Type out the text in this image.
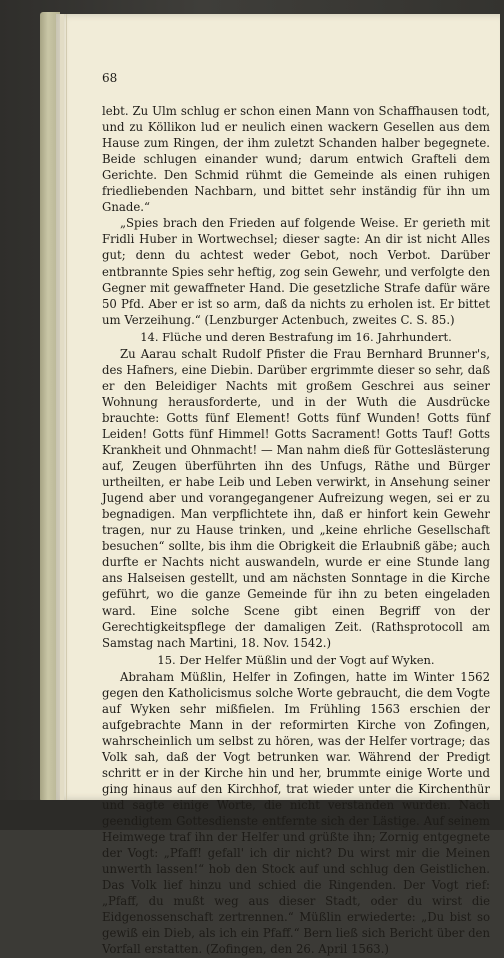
68

lebt. Zu Ulm schlug er schon einen Mann von Schaffhausen todt, und zu Köllikon lud er neulich einen wackern Gesellen aus dem Hause zum Ringen, der ihm zuletzt Schanden halber begegnete. Beide schlugen einander wund; darum entwich Grafteli dem Gerichte. Den Schmid rühmt die Gemeinde als einen ruhigen friedliebenden Nachbarn, und bittet sehr inständig für ihn um Gnade.“

„Spies brach den Frieden auf folgende Weise. Er gerieth mit Fridli Huber in Wortwechsel; dieser sagte: An dir ist nicht Alles gut; denn du achtest weder Gebot, noch Verbot. Darüber entbrannte Spies sehr heftig, zog sein Gewehr, und verfolgte den Gegner mit gewaffneter Hand. Die gesetzliche Strafe dafür wäre 50 Pfd. Aber er ist so arm, daß da nichts zu erholen ist. Er bittet um Verzeihung.“ (Lenzburger Actenbuch, zweites C. S. 85.)

14. Flüche und deren Bestrafung im 16. Jahrhundert.

Zu Aarau schalt Rudolf Pfister die Frau Bernhard Brunner's, des Hafners, eine Diebin. Darüber ergrimmte dieser so sehr, daß er den Beleidiger Nachts mit großem Geschrei aus seiner Wohnung herausforderte, und in der Wuth die Ausdrücke brauchte: Gotts fünf Element! Gotts fünf Wunden! Gotts fünf Leiden! Gotts fünf Himmel! Gotts Sacrament! Gotts Tauf! Gotts Krankheit und Ohnmacht! — Man nahm dieß für Gotteslästerung auf, Zeugen überführten ihn des Unfugs, Räthe und Bürger urtheilten, er habe Leib und Leben verwirkt, in Ansehung seiner Jugend aber und vorangegangener Aufreizung wegen, sei er zu begnadigen. Man verpflichtete ihn, daß er hinfort kein Gewehr tragen, nur zu Hause trinken, und „keine ehrliche Gesellschaft besuchen“ sollte, bis ihm die Obrigkeit die Erlaubniß gäbe; auch durfte er Nachts nicht auswandeln, wurde er eine Stunde lang ans Halseisen gestellt, und am nächsten Sonntage in die Kirche geführt, wo die ganze Gemeinde für ihn zu beten eingeladen ward. Eine solche Scene gibt einen Begriff von der Gerechtigkeitspflege der damaligen Zeit. (Rathsprotocoll am Samstag nach Martini, 18. Nov. 1542.)

15. Der Helfer Müßlin und der Vogt auf Wyken.

Abraham Müßlin, Helfer in Zofingen, hatte im Winter 1562 gegen den Katholicismus solche Worte gebraucht, die dem Vogte auf Wyken sehr mißfielen. Im Frühling 1563 erschien der aufgebrachte Mann in der reformirten Kirche von Zofingen, wahrscheinlich um selbst zu hören, was der Helfer vortrage; das Volk sah, daß der Vogt betrunken war. Während der Predigt schritt er in der Kirche hin und her, brummte einige Worte und ging hinaus auf den Kirchhof, trat wieder unter die Kirchenthür und sagte einige Worte, die nicht verstanden wurden. Nach geendigtem Gottesdienste entfernte sich der Lästige. Auf seinem Heimwege traf ihn der Helfer und grüßte ihn; Zornig entgegnete der Vogt: „Pfaff! gefall' ich dir nicht? Du wirst mir die Meinen unwerth lassen!“ hob den Stock auf und schlug den Geistlichen. Das Volk lief hinzu und schied die Ringenden. Der Vogt rief: „Pfaff, du mußt weg aus dieser Stadt, oder du wirst die Eidgenossenschaft zertrennen.“ Müßlin erwiederte: „Du bist so gewiß ein Dieb, als ich ein Pfaff.“ Bern ließ sich Bericht über den Vorfall erstatten. (Zofingen, den 26. April 1563.)
